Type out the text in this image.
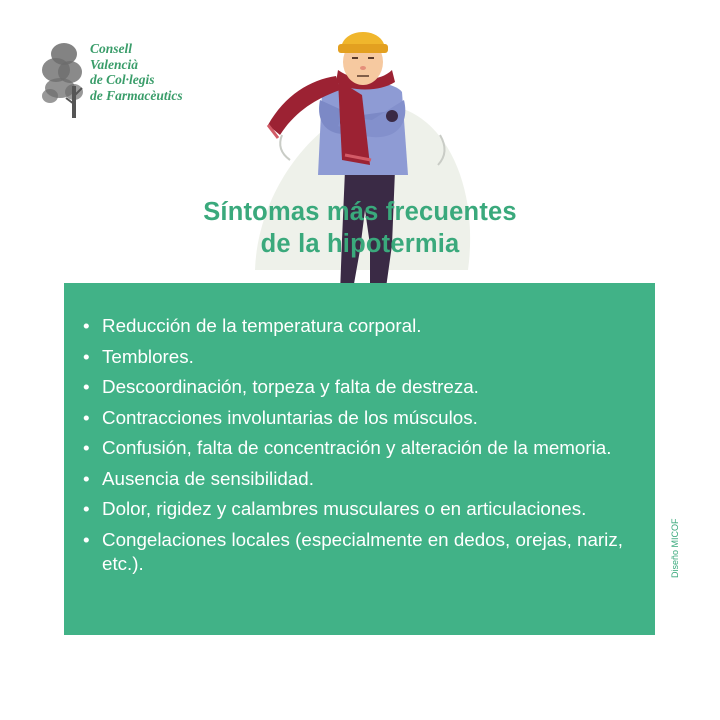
Consell
Valencià
de Col·legis
de Farmacèutics
Síntomas más frecuentes
de la hipotermia
• Reducción de la temperatura corporal.
• Temblores.
• Descoordinación, torpeza y falta de destreza.
• Contracciones involuntarias de los músculos.
• Confusión, falta de concentración y alteración de la memoria.
• Ausencia de sensibilidad.
• Dolor, rigidez y calambres musculares o en articulaciones.
• Congelaciones locales (especialmente en dedos, orejas, nariz, etc.).	Diseño MICOF
